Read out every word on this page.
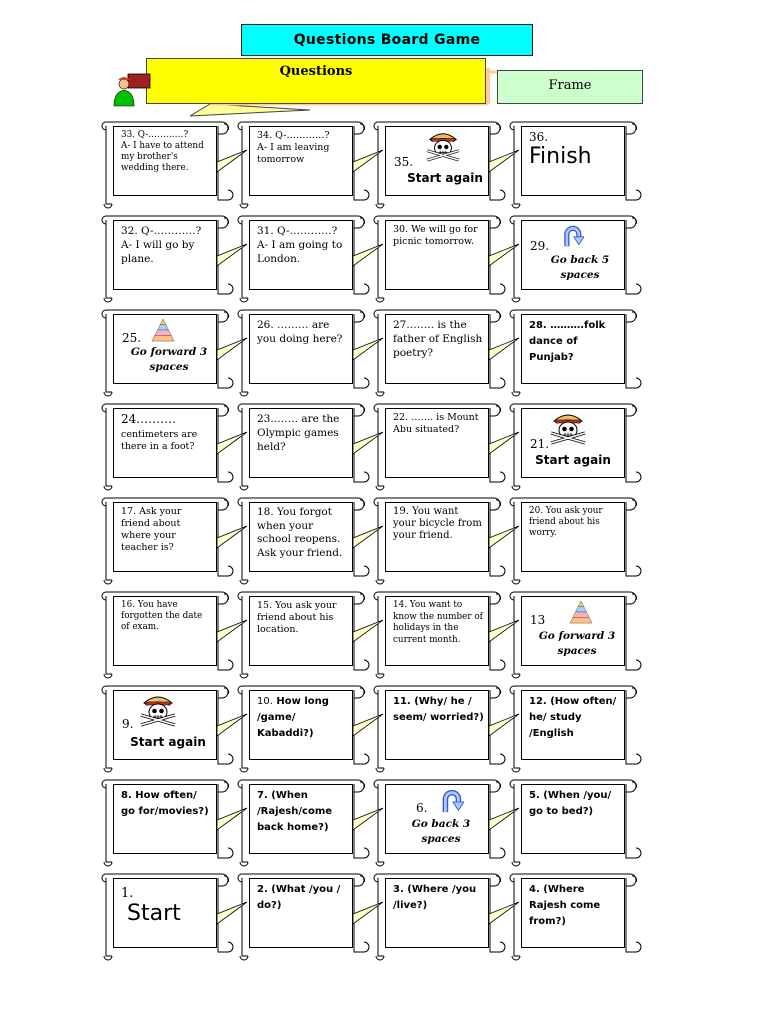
Questions Board Game
Questions
Frame
33. Q-…………?
A- I have to attend my brother's wedding there.
34. Q-…………?
A- I am leaving tomorrow	35.
Start again
36.
Finish
32. Q-…………?
A- I will go by plane.
31. Q-…………?
A- I am going to London.
30. We will go for picnic tomorrow.	29.
Go back 5 spaces
25.
Go forward 3 spaces
26. ……… are you doing here?
27.……. is the father of English poetry?
28. ……….folk dance of Punjab?
24.………
centimeters are there in a foot?
23.……. are the Olympic games held?
22. ……. is Mount Abu situated?
21.
Start again
17. Ask your friend about where your teacher is?
18. You forgot when your school reopens. Ask your friend.
19. You want your bicycle from your friend.
20. You ask your friend about his worry.
16. You have forgotten the date of exam.
15. You ask your friend about his location.
14. You want to know the number of holidays in the current month.
13
Go forward 3 spaces
9.
Start again
10. How long /game/ Kabaddi?)
11. (Why/ he / seem/ worried?)
12. (How often/ he/ study /English
8. How often/ go for/movies?)
7. (When /Rajesh/come back home?)
6.
Go back 3 spaces
5. (When /you/ go to bed?)
1.
Start
2. (What /you / do?)
3. (Where /you /live?)
4. (Where Rajesh come from?)
